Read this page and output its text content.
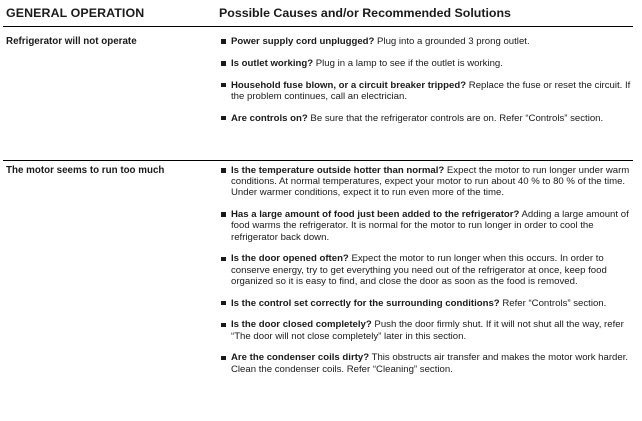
GENERAL OPERATION	Possible Causes and/or Recommended Solutions
Refrigerator will not operate	Power supply cord unplugged? Plug into a grounded 3 prong outlet.
Is outlet working? Plug in a lamp to see if the outlet is working.
Household fuse blown, or a circuit breaker tripped? Replace the fuse or reset the circuit. If the problem continues, call an electrician.
Are controls on? Be sure that the refrigerator controls are on. Refer “Controls” section.
The motor seems to run too much	Is the temperature outside hotter than normal? Expect the motor to run longer under warm conditions. At normal temperatures, expect your motor to run about 40 % to 80 % of the time. Under warmer conditions, expect it to run even more of the time.
Has a large amount of food just been added to the refrigerator? Adding a large amount of food warms the refrigerator. It is normal for the motor to run longer in order to cool the refrigerator back down.
Is the door opened often? Expect the motor to run longer when this occurs. In order to conserve energy, try to get everything you need out of the refrigerator at once, keep food organized so it is easy to find, and close the door as soon as the food is removed.
Is the control set correctly for the surrounding conditions? Refer “Controls” section.
Is the door closed completely? Push the door firmly shut. If it will not shut all the way, refer “The door will not close completely” later in this section.
Are the condenser coils dirty? This obstructs air transfer and makes the motor work harder. Clean the condenser coils. Refer “Cleaning” section.
